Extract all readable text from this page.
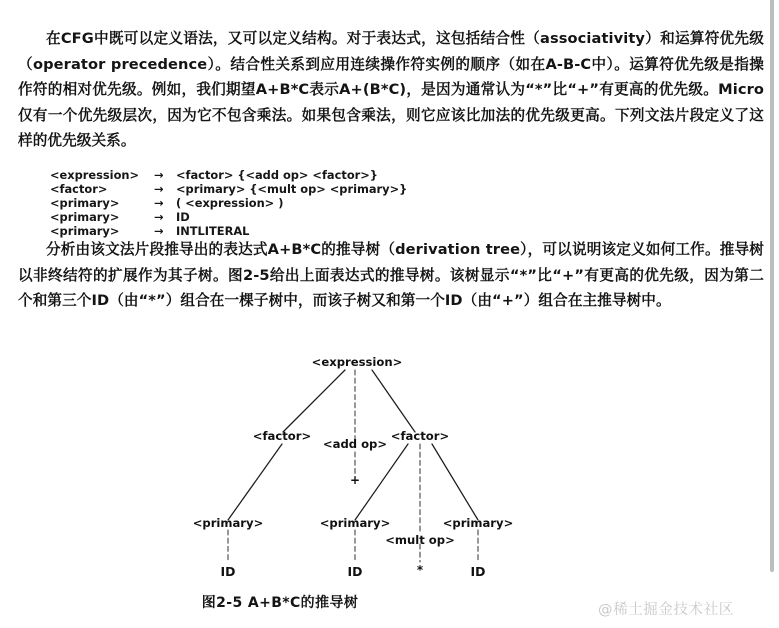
在CFG中既可以定义语法，又可以定义结构。对于表达式，这包括结合性（associativity）和运算符优先级（operator precedence）。结合性关系到应用连续操作符实例的顺序（如在A-B-C中）。运算符优先级是指操作符的相对优先级。例如，我们期望A+B*C表示A+(B*C)，是因为通常认为“*”比“+”有更高的优先级。Micro仅有一个优先级层次，因为它不包含乘法。如果包含乘法，则它应该比加法的优先级更高。下列文法片段定义了这样的优先级关系。
<expression> → <factor> {<add op> <factor>}
<factor>	→ <primary> {<mult op> <primary>}
<primary>	→ ( <expression> )
<primary>	→ ID
<primary>	→ INTLITERAL
分析由该文法片段推导出的表达式A+B*C的推导树（derivation tree），可以说明该定义如何工作。推导树以非终结符的扩展作为其子树。图2-5给出上面表达式的推导树。该树显示“*”比“+”有更高的优先级，因为第二个和第三个ID（由“*”）组合在一棵子树中，而该子树又和第一个ID（由“+”）组合在主推导树中。
<expression>
<factor>
<add op>
<factor>
+
<primary>	<primary>
<mult op>
<primary>
ID	ID	*	ID
图2-5 A+B*C的推导树	@稀土掘金技术社区
